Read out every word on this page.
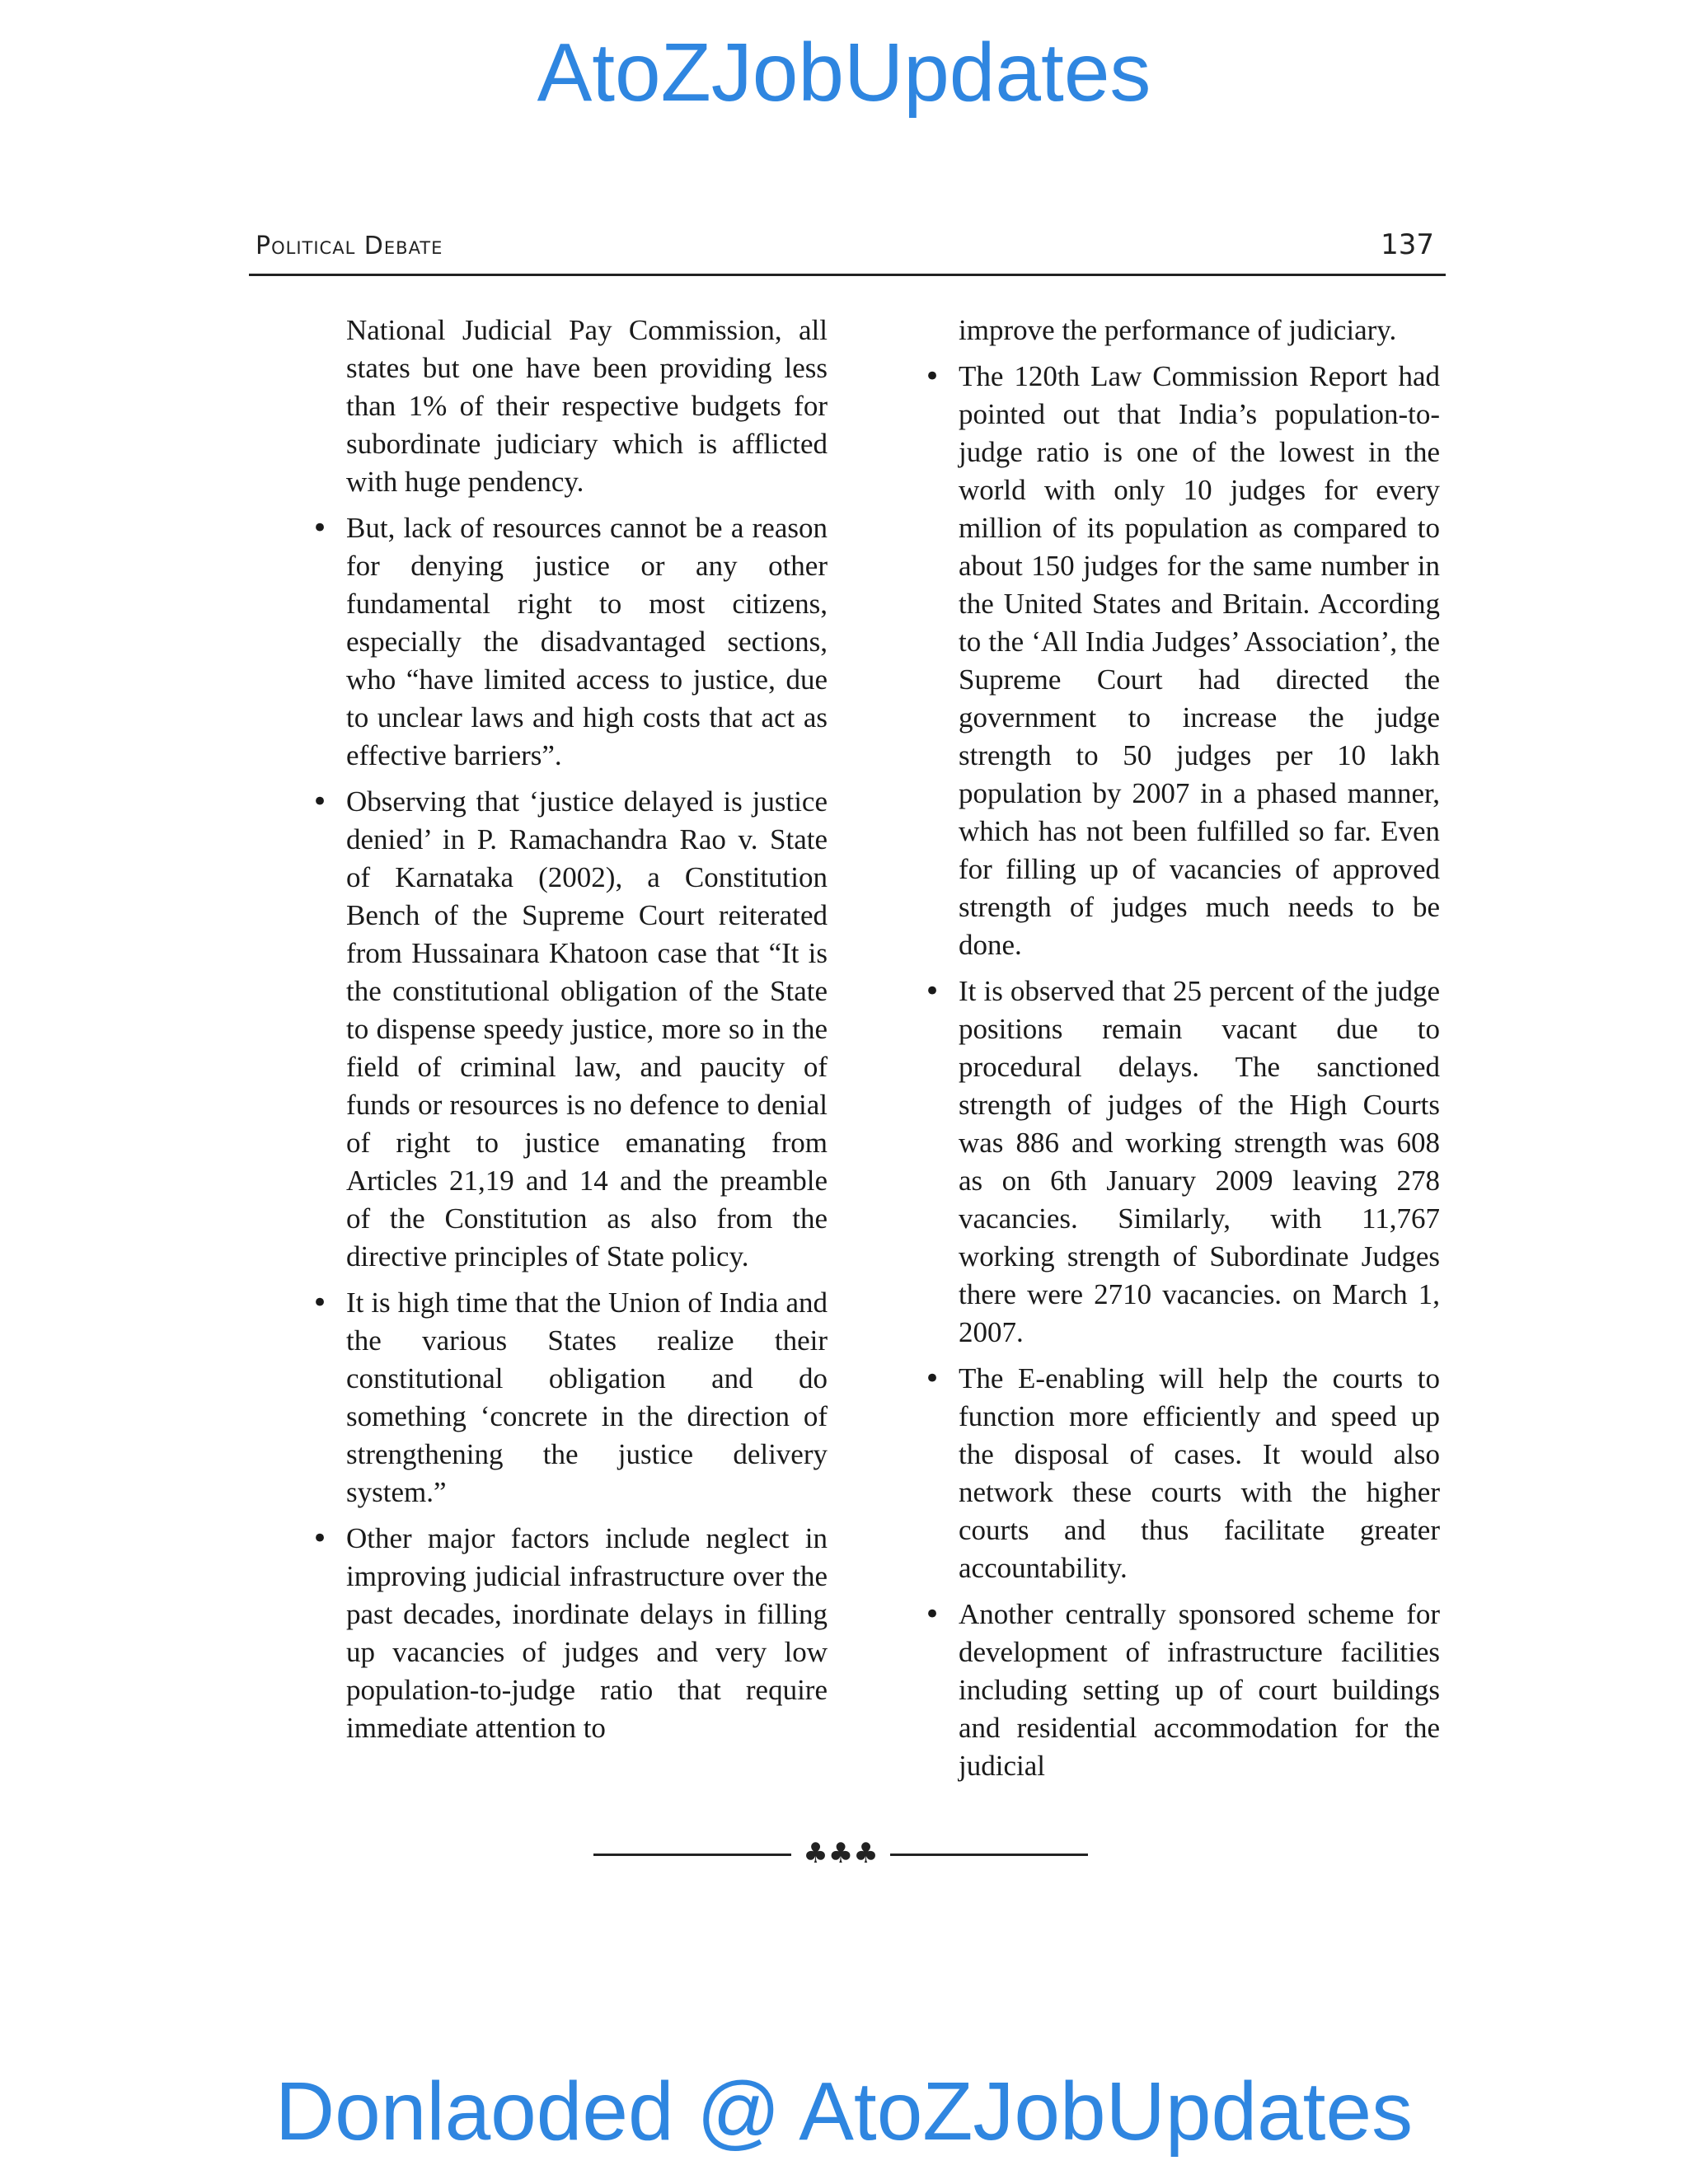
AtoZJobUpdates
Political Debate	137

National Judicial Pay Commission, all states but one have been providing less than 1% of their respective budgets for subordinate judiciary which is afflicted with huge pendency.

• But, lack of resources cannot be a reason for denying justice or any other fundamental right to most citizens, especially the disadvantaged sections, who “have limited access to justice, due to unclear laws and high costs that act as effective barriers”.

• Observing that ‘justice delayed is justice denied’ in P. Ramachandra Rao v. State of Karnataka (2002), a Constitution Bench of the Supreme Court reiterated from Hussainara Khatoon case that “It is the constitutional obligation of the State to dispense speedy justice, more so in the field of criminal law, and paucity of funds or resources is no defence to denial of right to justice emanating from Articles 21,19 and 14 and the preamble of the Constitution as also from the directive principles of State policy.

• It is high time that the Union of India and the various States realize their constitutional obligation and do something ‘concrete in the direction of strengthening the justice delivery system.”

• Other major factors include neglect in improving judicial infrastructure over the past decades, inordinate delays in filling up vacancies of judges and very low population-to-judge ratio that require immediate attention to

improve the performance of judiciary.

• The 120th Law Commission Report had pointed out that India’s population-to-judge ratio is one of the lowest in the world with only 10 judges for every million of its population as compared to about 150 judges for the same number in the United States and Britain. According to the ‘All India Judges’ Association’, the Supreme Court had directed the government to increase the judge strength to 50 judges per 10 lakh population by 2007 in a phased manner, which has not been fulfilled so far. Even for filling up of vacancies of approved strength of judges much needs to be done.

• It is observed that 25 percent of the judge positions remain vacant due to procedural delays. The sanctioned strength of judges of the High Courts was 886 and working strength was 608 as on 6th January 2009 leaving 278 vacancies. Similarly, with 11,767 working strength of Subordinate Judges there were 2710 vacancies. on March 1, 2007.

• The E-enabling will help the courts to function more efficiently and speed up the disposal of cases. It would also network these courts with the higher courts and thus facilitate greater accountability.

• Another centrally sponsored scheme for development of infrastructure facilities including setting up of court buildings and residential accommodation for the judicial

♣♣♣
Donlaoded @ AtoZJobUpdates
